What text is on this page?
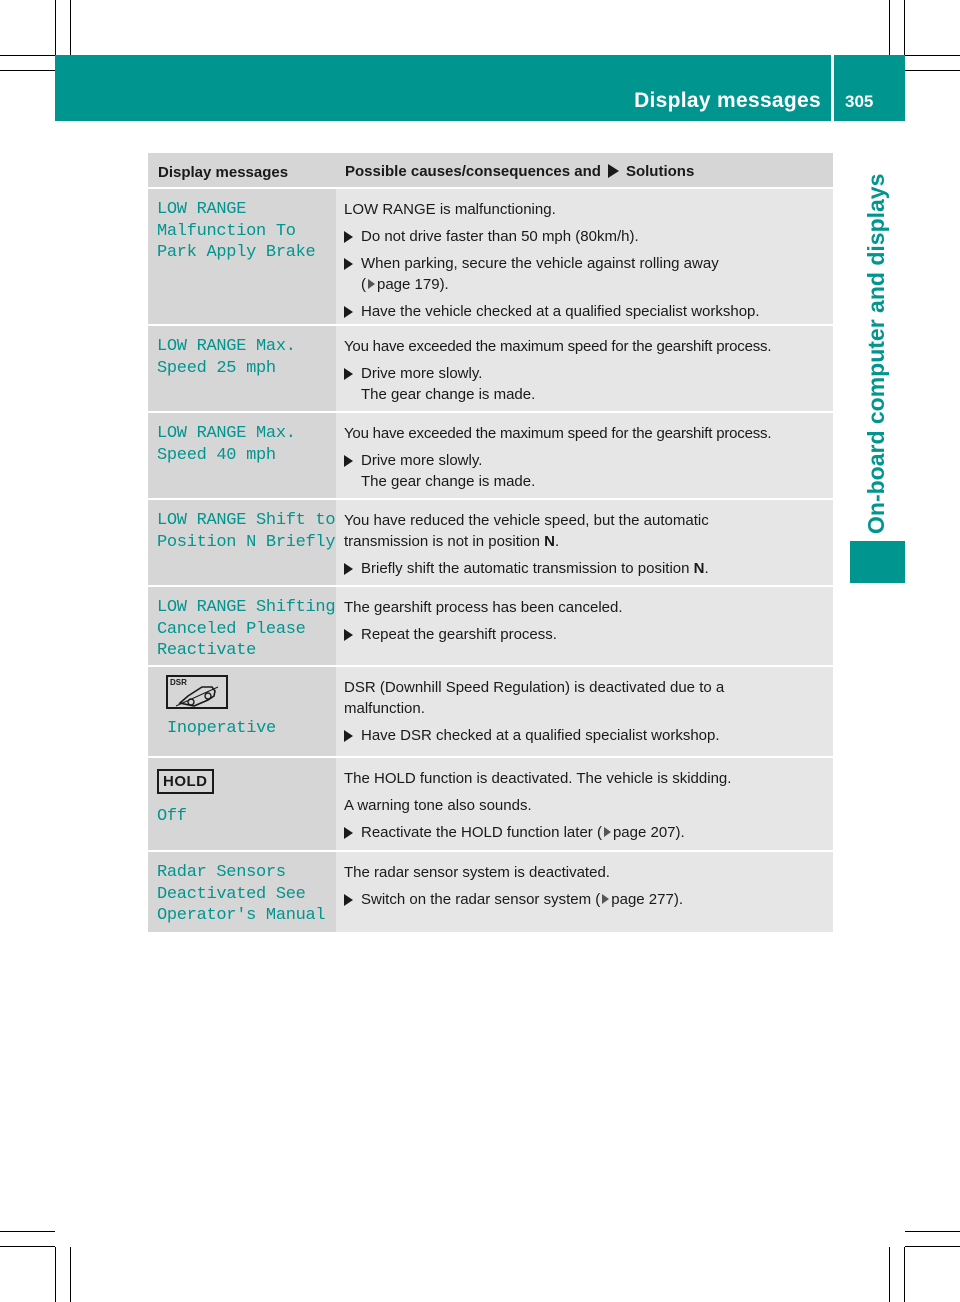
Display messages 305
On-board computer and displays
Display messages	Possible causes/consequences and Solutions
LOW RANGE
Malfunction To
Park Apply Brake
LOW RANGE is malfunctioning.
Do not drive faster than 50 mph (80km/h).
When parking, secure the vehicle against rolling away
( page 179).
Have the vehicle checked at a qualified specialist workshop.
LOW RANGE Max.
Speed 25 mph
You have exceeded the maximum speed for the gearshift process.
Drive more slowly.
The gear change is made.
LOW RANGE Max.
Speed 40 mph
You have exceeded the maximum speed for the gearshift process.
Drive more slowly.
The gear change is made.
LOW RANGE Shift to
Position N Briefly
You have reduced the vehicle speed, but the automatic
transmission is not in position N.
Briefly shift the automatic transmission to position N.
LOW RANGE Shifting
Canceled Please
Reactivate
The gearshift process has been canceled.
Repeat the gearshift process.
DSR
Inoperative
DSR (Downhill Speed Regulation) is deactivated due to a malfunction.
Have DSR checked at a qualified specialist workshop.
HOLD
Off
The HOLD function is deactivated. The vehicle is skidding.
A warning tone also sounds.
Reactivate the HOLD function later ( page 207).
Radar Sensors
Deactivated See
Operator's Manual
The radar sensor system is deactivated.
Switch on the radar sensor system ( page 277).
